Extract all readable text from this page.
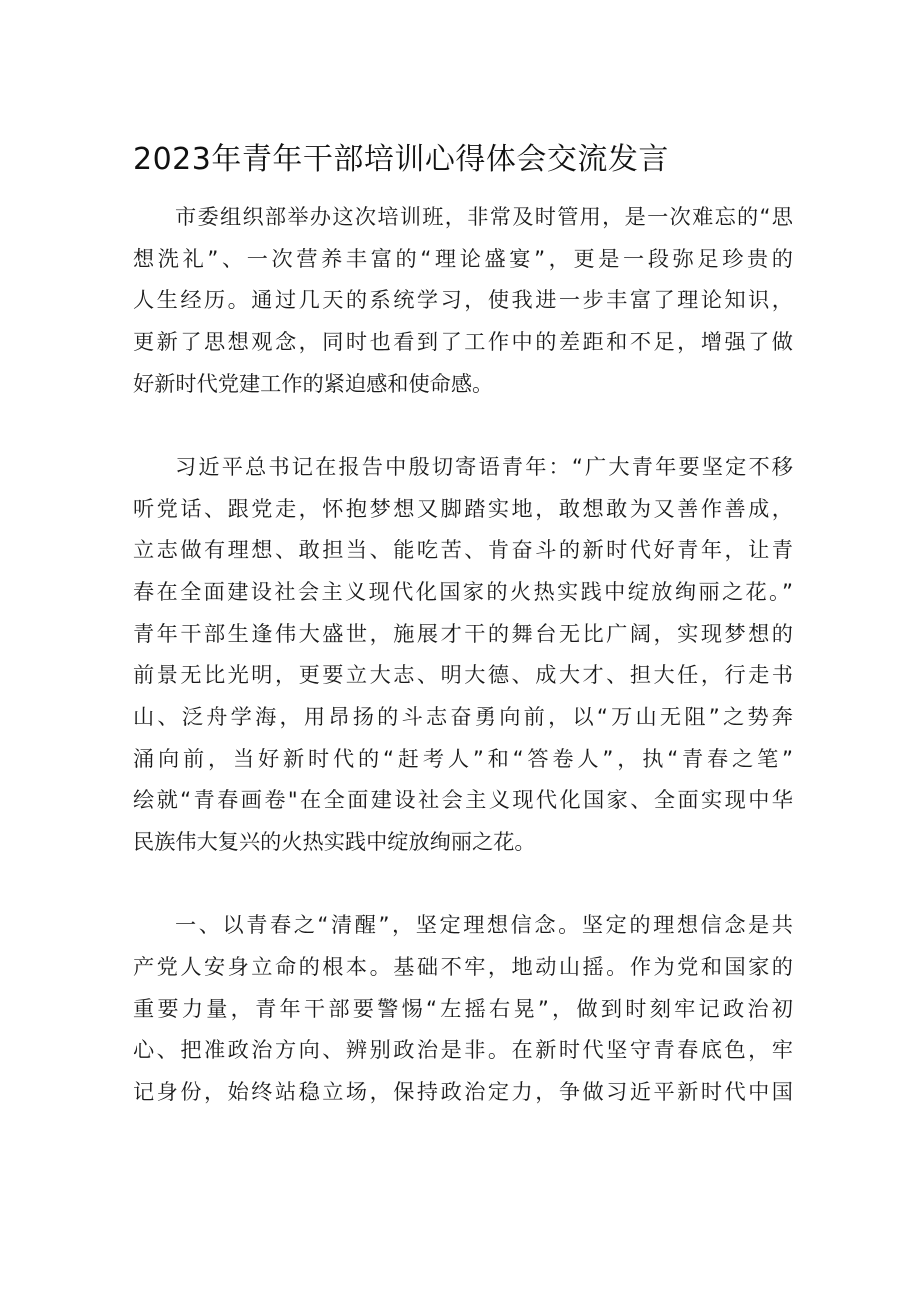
2023年青年干部培训心得体会交流发言
市委组织部举办这次培训班，非常及时管用，是一次难忘的“思
想洗礼”、一次营养丰富的“理论盛宴”，更是一段弥足珍贵的
人生经历。通过几天的系统学习，使我进一步丰富了理论知识，
更新了思想观念，同时也看到了工作中的差距和不足，增强了做
好新时代党建工作的紧迫感和使命感。
习近平总书记在报告中殷切寄语青年：“广大青年要坚定不移
听党话、跟党走，怀抱梦想又脚踏实地，敢想敢为又善作善成，
立志做有理想、敢担当、能吃苦、肯奋斗的新时代好青年，让青
春在全面建设社会主义现代化国家的火热实践中绽放绚丽之花。”
青年干部生逢伟大盛世，施展才干的舞台无比广阔，实现梦想的
前景无比光明，更要立大志、明大德、成大才、担大任，行走书
山、泛舟学海，用昂扬的斗志奋勇向前，以“万山无阻”之势奔
涌向前，当好新时代的“赶考人”和“答卷人”，执“青春之笔”
绘就“青春画卷"在全面建设社会主义现代化国家、全面实现中华
民族伟大复兴的火热实践中绽放绚丽之花。
一、以青春之“清醒”，坚定理想信念。坚定的理想信念是共
产党人安身立命的根本。基础不牢，地动山摇。作为党和国家的
重要力量，青年干部要警惕“左摇右晃”，做到时刻牢记政治初
心、把准政治方向、辨别政治是非。在新时代坚守青春底色，牢
记身份，始终站稳立场，保持政治定力，争做习近平新时代中国
